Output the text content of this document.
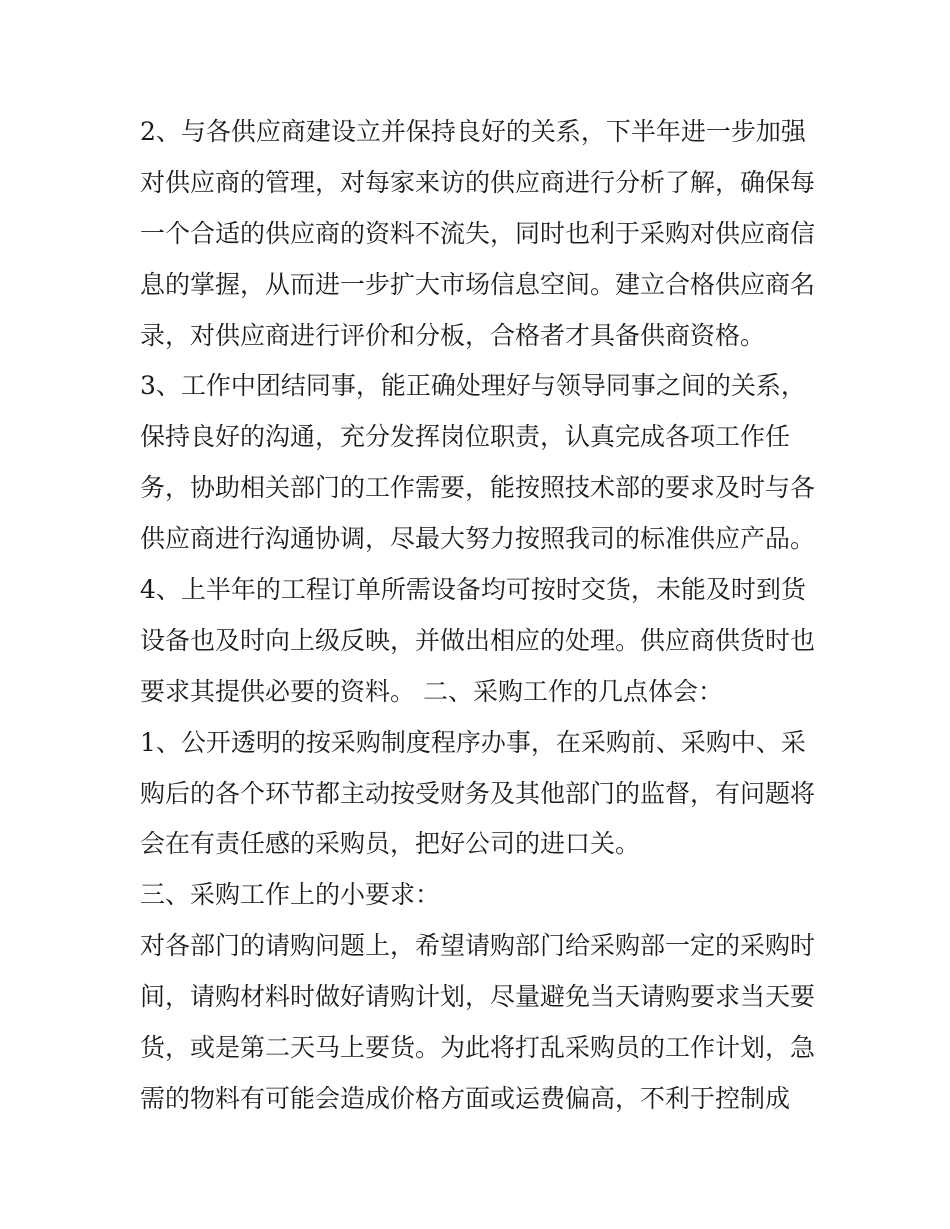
2、与各供应商建设立并保持良好的关系，下半年进一步加强
对供应商的管理，对每家来访的供应商进行分析了解，确保每
一个合适的供应商的资料不流失，同时也利于采购对供应商信
息的掌握，从而进一步扩大市场信息空间。建立合格供应商名
录，对供应商进行评价和分板，合格者才具备供商资格。
3、工作中团结同事，能正确处理好与领导同事之间的关系，
保持良好的沟通，充分发挥岗位职责，认真完成各项工作任
务，协助相关部门的工作需要，能按照技术部的要求及时与各
供应商进行沟通协调，尽最大努力按照我司的标准供应产品。
4、上半年的工程订单所需设备均可按时交货，未能及时到货
设备也及时向上级反映，并做出相应的处理。供应商供货时也
要求其提供必要的资料。 二、采购工作的几点体会：
1、公开透明的按采购制度程序办事，在采购前、采购中、采
购后的各个环节都主动按受财务及其他部门的监督，有问题将
会在有责任感的采购员，把好公司的进口关。
三、采购工作上的小要求：
对各部门的请购问题上，希望请购部门给采购部一定的采购时
间，请购材料时做好请购计划，尽量避免当天请购要求当天要
货，或是第二天马上要货。为此将打乱采购员的工作计划，急
需的物料有可能会造成价格方面或运费偏高，不利于控制成
